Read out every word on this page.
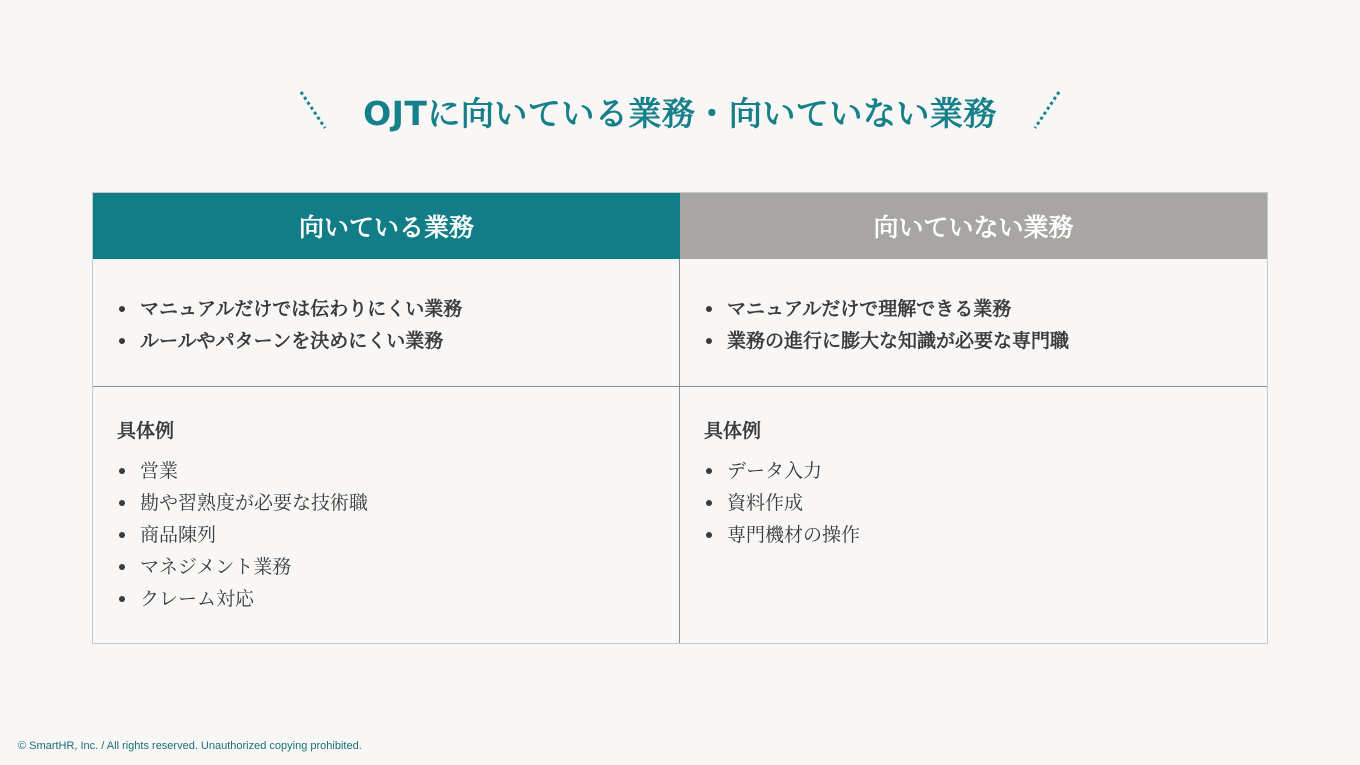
OJTに向いている業務・向いていない業務
向いている業務	向いていない業務
マニュアルだけでは伝わりにくい業務
ルールやパターンを決めにくい業務
マニュアルだけで理解できる業務
業務の進行に膨大な知識が必要な専門職
具体例
営業
勘や習熟度が必要な技術職
商品陳列
マネジメント業務
クレーム対応
具体例
データ入力
資料作成
専門機材の操作
© SmartHR, Inc. / All rights reserved. Unauthorized copying prohibited.
